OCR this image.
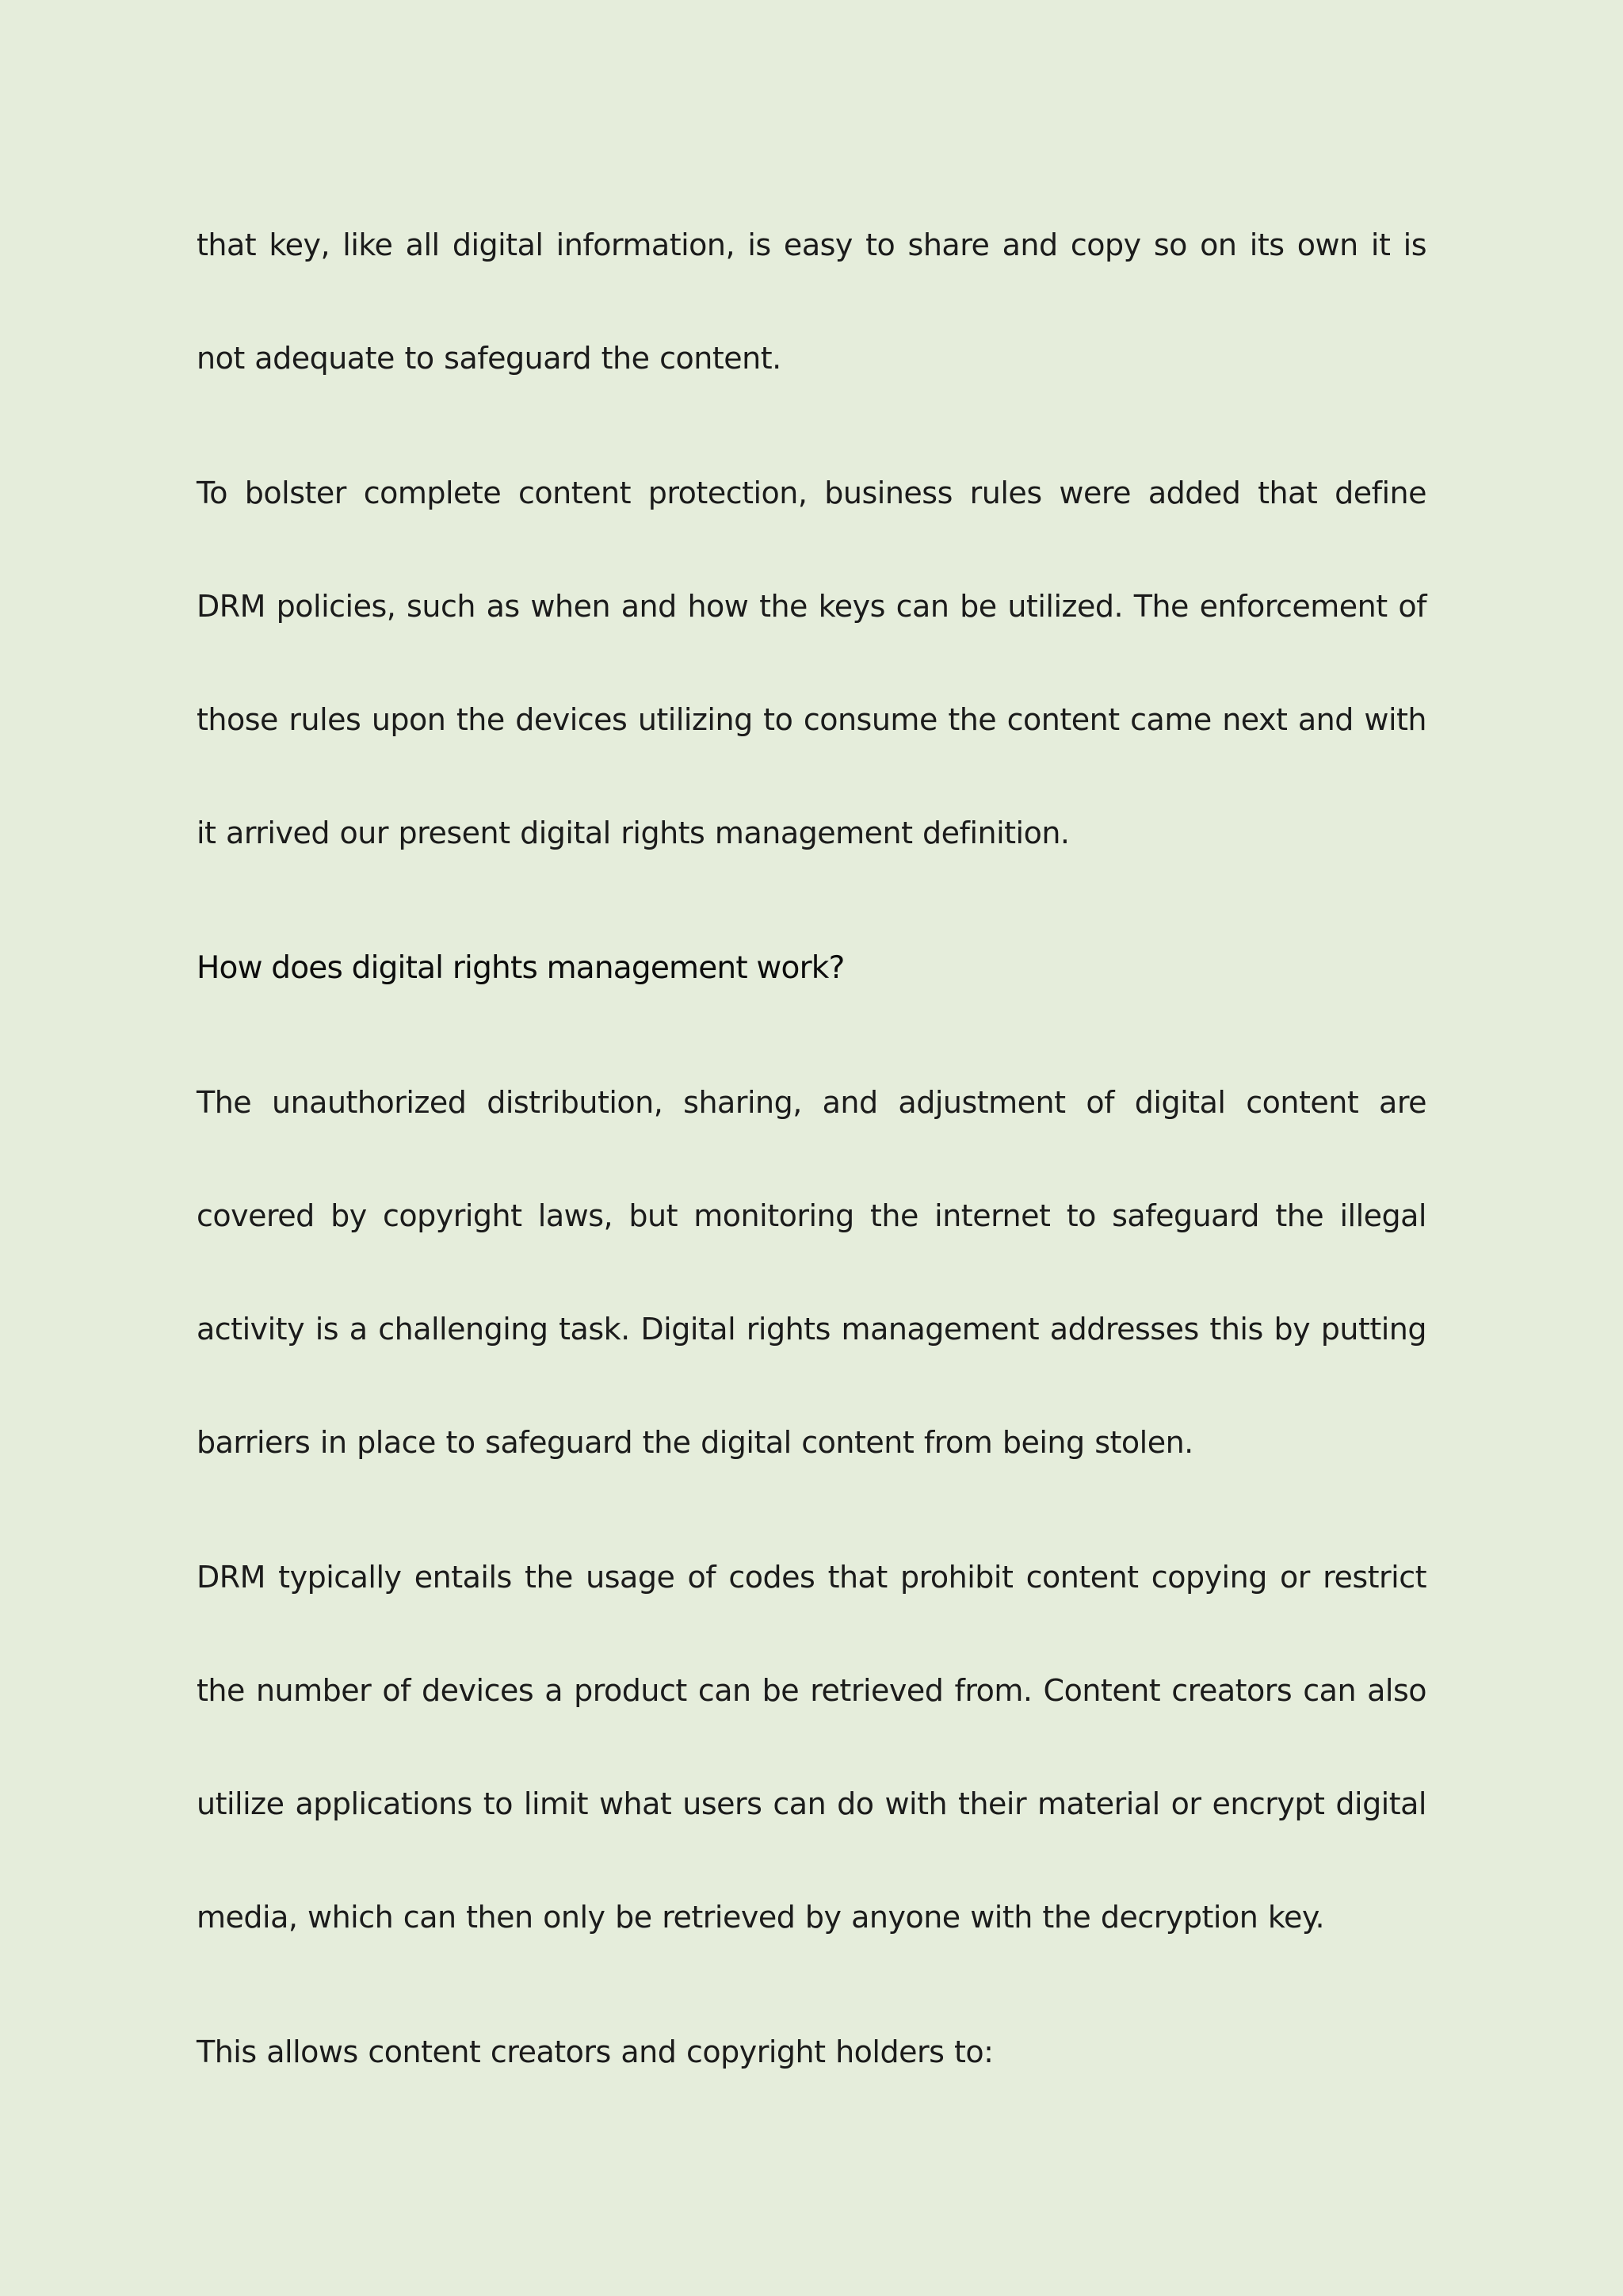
that key, like all digital information, is easy to share and copy so on its own it is not adequate to safeguard the content.

To bolster complete content protection, business rules were added that define DRM policies, such as when and how the keys can be utilized. The enforcement of those rules upon the devices utilizing to consume the content came next and with it arrived our present digital rights management definition.

How does digital rights management work?

The unauthorized distribution, sharing, and adjustment of digital content are covered by copyright laws, but monitoring the internet to safeguard the illegal activity is a challenging task. Digital rights management addresses this by putting barriers in place to safeguard the digital content from being stolen.

DRM typically entails the usage of codes that prohibit content copying or restrict the number of devices a product can be retrieved from. Content creators can also utilize applications to limit what users can do with their material or encrypt digital media, which can then only be retrieved by anyone with the decryption key.

This allows content creators and copyright holders to:
